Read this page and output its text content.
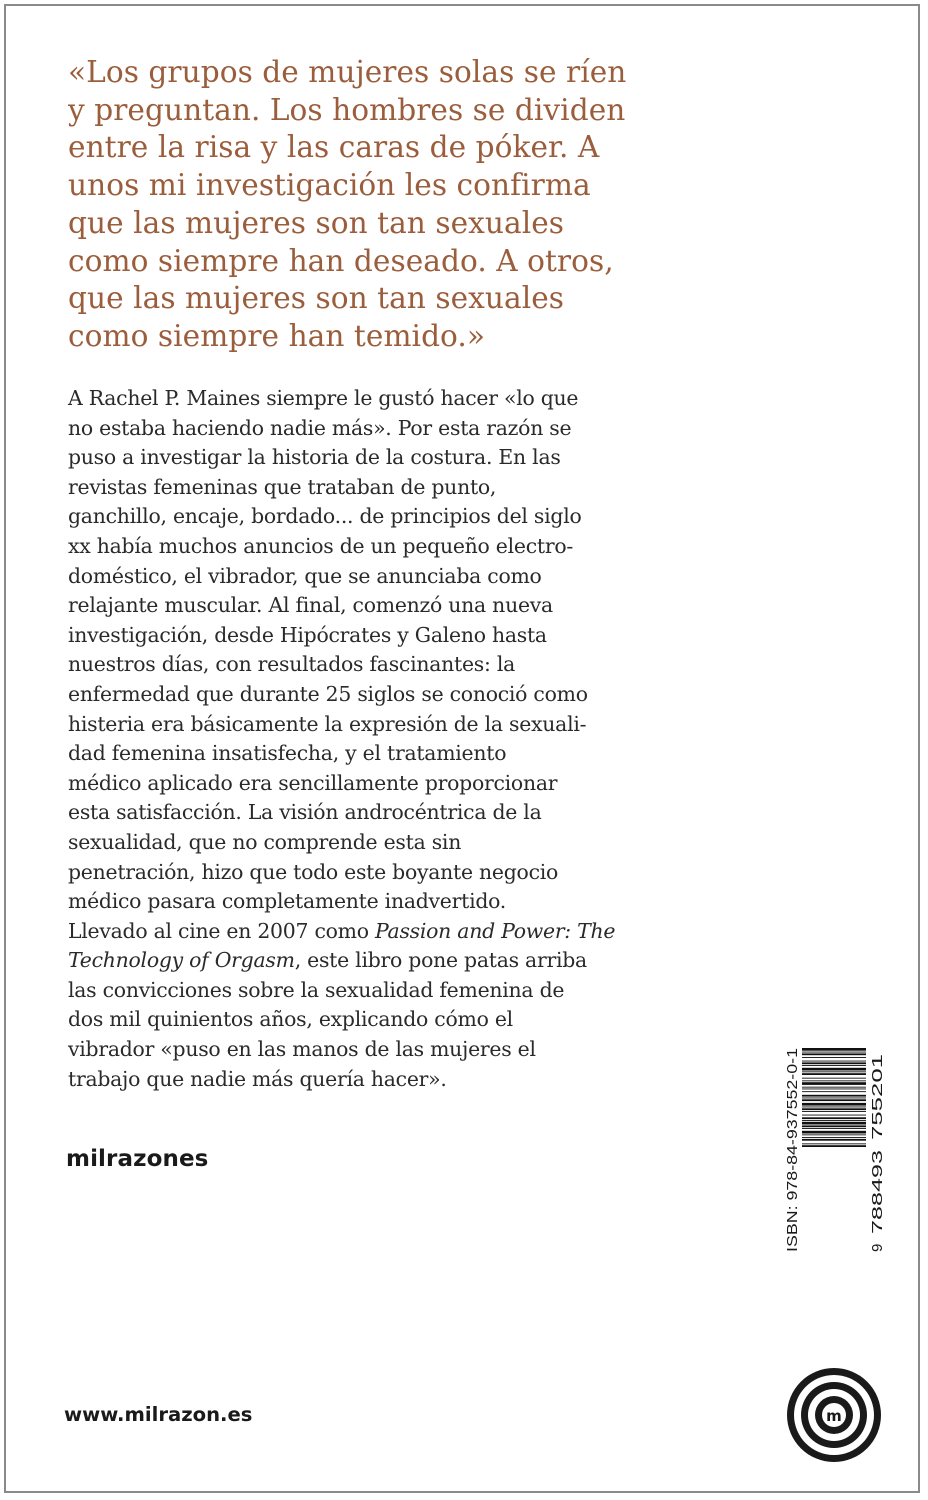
«Los grupos de mujeres solas se ríen
y preguntan. Los hombres se dividen
entre la risa y las caras de póker. A
unos mi investigación les confirma
que las mujeres son tan sexuales
como siempre han deseado. A otros,
que las mujeres son tan sexuales
como siempre han temido.»
A Rachel P. Maines siempre le gustó hacer «lo que
no estaba haciendo nadie más». Por esta razón se
puso a investigar la historia de la costura. En las
revistas femeninas que trataban de punto,
ganchillo, encaje, bordado... de principios del siglo
xx había muchos anuncios de un pequeño electro-
doméstico, el vibrador, que se anunciaba como
relajante muscular. Al final, comenzó una nueva
investigación, desde Hipócrates y Galeno hasta
nuestros días, con resultados fascinantes: la
enfermedad que durante 25 siglos se conoció como
histeria era básicamente la expresión de la sexuali-
dad femenina insatisfecha, y el tratamiento
médico aplicado era sencillamente proporcionar
esta satisfacción. La visión androcéntrica de la
sexualidad, que no comprende esta sin
penetración, hizo que todo este boyante negocio
médico pasara completamente inadvertido.
Llevado al cine en 2007 como Passion and Power: The
Technology of Orgasm, este libro pone patas arriba
las convicciones sobre la sexualidad femenina de
dos mil quinientos años, explicando cómo el
vibrador «puso en las manos de las mujeres el
trabajo que nadie más quería hacer».
milrazones
www.milrazon.es
ISBN: 978-84-937552-0-1	9
788493
755201
m
